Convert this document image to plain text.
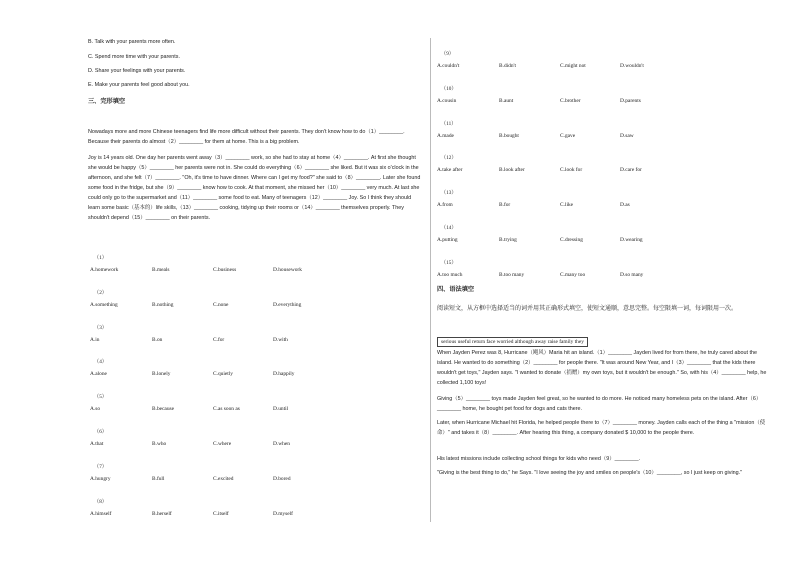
B. Talk with your parents more often.
C. Spend more time with your parents.
D. Share your feelings with your parents.
E. Make your parents feel good about you.
三、完形填空
Nowadays more and more Chinese teenagers find life more difficult without their parents. They don't know how to do（1）________. Because their parents do almost（2）________ for them at home. This is a big problem.
Joy is 14 years old. One day her parents went away（3）________ work, so she had to stay at home（4）________. At first she thought she would be happy（5）________ her parents were not in. She could do everything（6）________ she liked. But it was six o'clock in the afternoon, and she felt（7）________. "Oh, it's time to have dinner. Where can I get my food?" she said to（8）________. Later she found some food in the fridge, but she（9）________ know how to cook. At that moment, she missed her（10）________ very much. At last she could only go to the supermarket and（11）________ some food to eat. Many of teenagers（12）________ Joy. So I think they should learn some basic（基本的）life skills,（13）________ cooking, tidying up their rooms or（14）________ themselves properly. They shouldn't depend（15）________ on their parents.
（1）
A.homework	B.meals	C.business	D.housework
（2）
A.something	B.nothing	C.none	D.everything
（3）
A.in	B.on	C.for	D.with
（4）
A.alone	B.lonely	C.quietly	D.happily
（5）
A.so	B.because	C.as soon as	D.until
（6）
A.that	B.who	C.where	D.when
（7）
A.hungry	B.full	C.excited	D.bored
（8）
A.himself	B.herself	C.itself	D.myself
（9）
A.couldn't	B.didn't	C.might not	D.wouldn't
（10）
A.cousin	B.aunt	C.brother	D.parents
（11）
A.made	B.bought	C.gave	D.saw
（12）
A.take after	B.look after	C.look for	D.care for
（13）
A.from	B.for	C.like	D.as
（14）
A.putting	B.trying	C.dressing	D.wearing
（15）
A.too much	B.too many	C.many too	D.so many
四、语法填空
阅读短文，从方框中选择适当的词并用其正确形式填空，使短文通顺，意思完整。每空限填一词，每词限用一次。
serious useful return face worried although away raise family they
When Jayden Perez was 8, Hurricane（飓风）Maria hit an island.（1）________ Jayden lived for from there, he truly cared about the island. He wanted to do something（2）________ for people there. "It was around New Year, and I（3）________ that the kids there wouldn't get toys," Jayden says. "I wanted to donate（捐赠）my own toys, but it wouldn't be enough." So, with his（4）________ help, he collected 1,100 toys!
Giving（5）________ toys made Jayden feel great, so he wanted to do more. He noticed many homeless pets on the island. After（6）________ home, he bought pet food for dogs and cats there.
Later, when Hurricane Michael hit Florida, he helped people there to（7）________ money. Jayden calls each of the thing a "mission（使命）" and takes it（8）________. After hearing this thing, a company donated $ 10,000 to the people there.
His latest missions include collecting school things for kids who need（9）________.
"Giving is the best thing to do," he Says. "I love seeing the joy and smiles on people's（10）________, so I just keep on giving."
